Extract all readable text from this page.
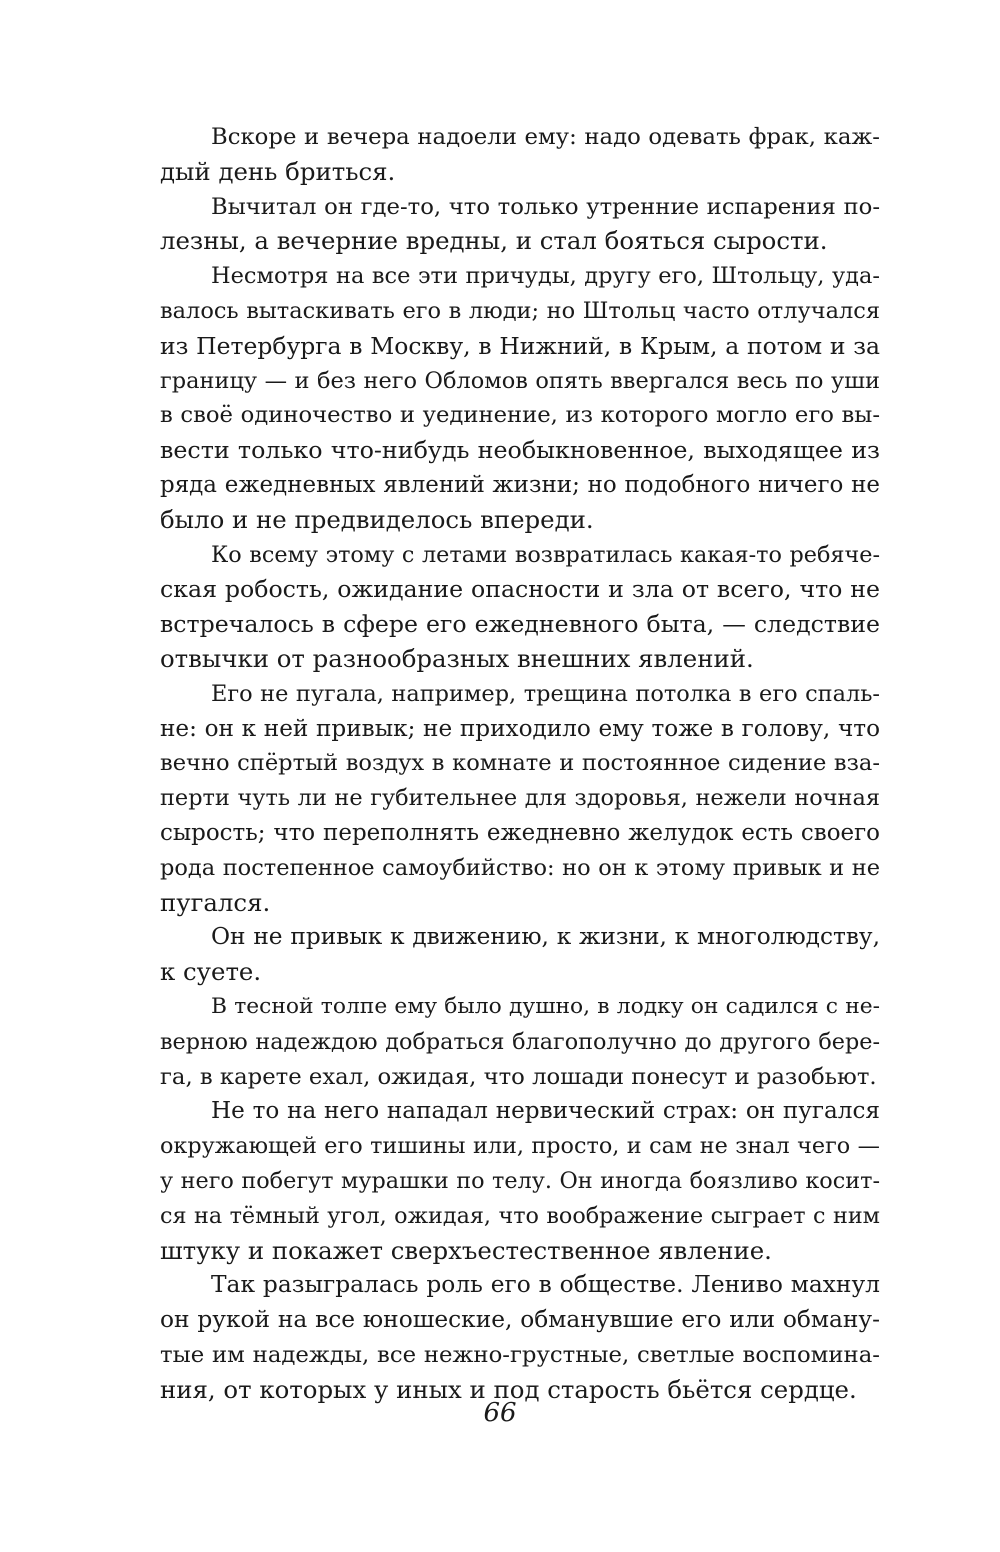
Вскоре и вечера надоели ему: надо одевать фрак, каж-
дый день бриться.
Вычитал он где-то, что только утренние испарения по-
лезны, а вечерние вредны, и стал бояться сырости.
Несмотря на все эти причуды, другу его, Штольцу, уда-
валось вытаскивать его в люди; но Штольц часто отлучался
из Петербурга в Москву, в Нижний, в Крым, а потом и за
границу — и без него Обломов опять ввергался весь по уши
в своё одиночество и уединение, из которого могло его вы-
вести только что-нибудь необыкновенное, выходящее из
ряда ежедневных явлений жизни; но подобного ничего не
было и не предвиделось впереди.
Ко всему этому с летами возвратилась какая-то ребяче-
ская робость, ожидание опасности и зла от всего, что не
встречалось в сфере его ежедневного быта, — следствие
отвычки от разнообразных внешних явлений.
Его не пугала, например, трещина потолка в его спаль-
не: он к ней привык; не приходило ему тоже в голову, что
вечно спёртый воздух в комнате и постоянное сидение вза-
перти чуть ли не губительнее для здоровья, нежели ночная
сырость; что переполнять ежедневно желудок есть своего
рода постепенное самоубийство: но он к этому привык и не
пугался.
Он не привык к движению, к жизни, к многолюдству,
к суете.
В тесной толпе ему было душно, в лодку он садился с не-
верною надеждою добраться благополучно до другого бере-
га, в карете ехал, ожидая, что лошади понесут и разобьют.
Не то на него нападал нервический страх: он пугался
окружающей его тишины или, просто, и сам не знал чего —
у него побегут мурашки по телу. Он иногда боязливо косит-
ся на тёмный угол, ожидая, что воображение сыграет с ним
штуку и покажет сверхъестественное явление.
Так разыгралась роль его в обществе. Лениво махнул
он рукой на все юношеские, обманувшие его или обману-
тые им надежды, все нежно-грустные, светлые воспомина-
ния, от которых у иных и под старость бьётся сердце.
66
